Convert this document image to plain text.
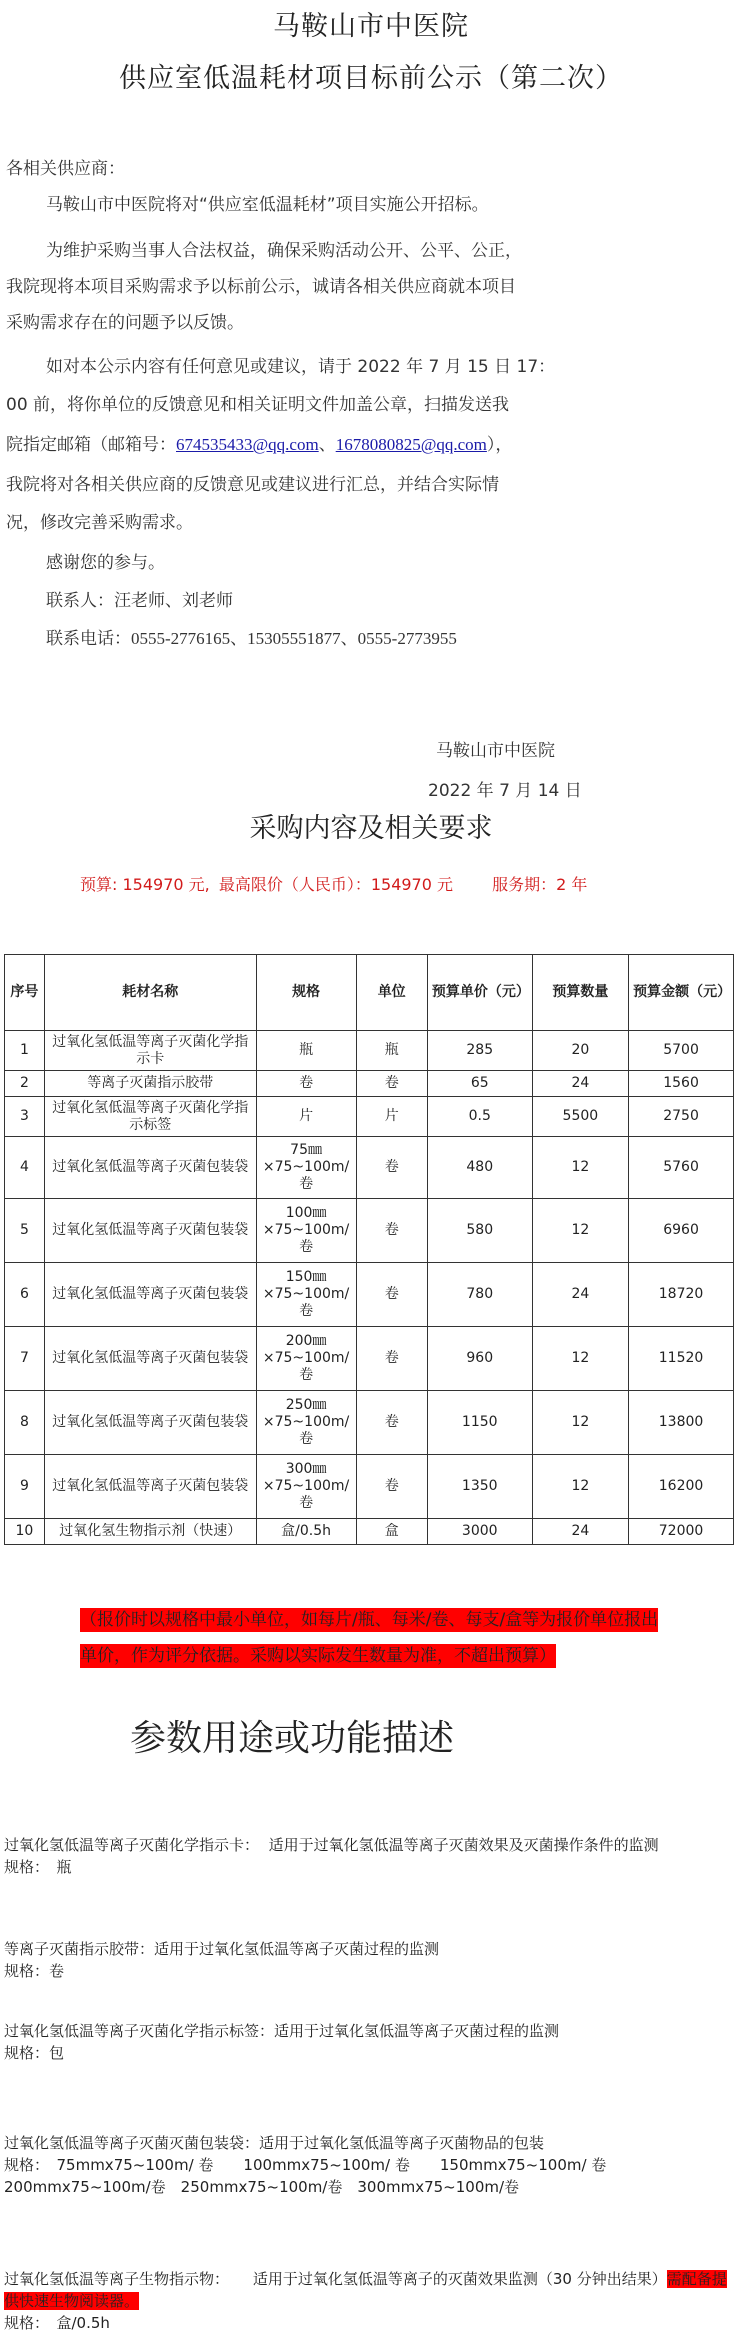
马鞍山市中医院
供应室低温耗材项目标前公示（第二次）
各相关供应商：
马鞍山市中医院将对“供应室低温耗材”项目实施公开招标。
为维护采购当事人合法权益，确保采购活动公开、公平、公正，
我院现将本项目采购需求予以标前公示，诚请各相关供应商就本项目
采购需求存在的问题予以反馈。
如对本公示内容有任何意见或建议，请于 2022 年 7 月 15 日 17：
00 前，将你单位的反馈意见和相关证明文件加盖公章，扫描发送我
院指定邮箱（邮箱号：674535433@qq.com、1678080825@qq.com），
我院将对各相关供应商的反馈意见或建议进行汇总，并结合实际情
况，修改完善采购需求。
感谢您的参与。
联系人：汪老师、刘老师
联系电话：0555-2776165、15305551877、0555-2773955
马鞍山市中医院
2022 年 7 月 14 日
采购内容及相关要求
预算: 154970 元, 最高限价（人民币）：154970 元 服务期：2 年
序号	耗材名称	规格	单位	预算单价（元）	预算数量	预算金额（元）
1	过氧化氢低温等离子灭菌化学指示卡	瓶	瓶	285	20	5700
2	等离子灭菌指示胶带	卷	卷	65	24	1560
3	过氧化氢低温等离子灭菌化学指示标签	片	片	0.5	5500	2750
4	过氧化氢低温等离子灭菌包装袋	75㎜×75~100m/卷	卷	480	12	5760
5	过氧化氢低温等离子灭菌包装袋	100㎜×75~100m/卷	卷	580	12	6960
6	过氧化氢低温等离子灭菌包装袋	150㎜×75~100m/卷	卷	780	24	18720
7	过氧化氢低温等离子灭菌包装袋	200㎜×75~100m/卷	卷	960	12	11520
8	过氧化氢低温等离子灭菌包装袋	250㎜×75~100m/卷	卷	1150	12	13800
9	过氧化氢低温等离子灭菌包装袋	300㎜×75~100m/卷	卷	1350	12	16200
10	过氧化氢生物指示剂（快速）	盒/0.5h	盒	3000	24	72000
（报价时以规格中最小单位，如每片/瓶、每米/卷、每支/盒等为报价单位报出单价，作为评分依据。采购以实际发生数量为准，不超出预算）
参数用途或功能描述
过氧化氢低温等离子灭菌化学指示卡： 适用于过氧化氢低温等离子灭菌效果及灭菌操作条件的监测
规格：　瓶
等离子灭菌指示胶带：适用于过氧化氢低温等离子灭菌过程的监测
规格：卷
过氧化氢低温等离子灭菌化学指示标签：适用于过氧化氢低温等离子灭菌过程的监测
规格：包
过氧化氢低温等离子灭菌灭菌包装袋：适用于过氧化氢低温等离子灭菌物品的包装
规格：　75mmx75~100m/ 卷　　100mmx75~100m/ 卷　　150mmx75~100m/ 卷　200mmx75~100m/卷　250mmx75~100m/卷　300mmx75~100m/卷
过氧化氢低温等离子生物指示物： 适用于过氧化氢低温等离子的灭菌效果监测（30 分钟出结果）需配备提供快速生物阅读器。
规格：　盒/0.5h
